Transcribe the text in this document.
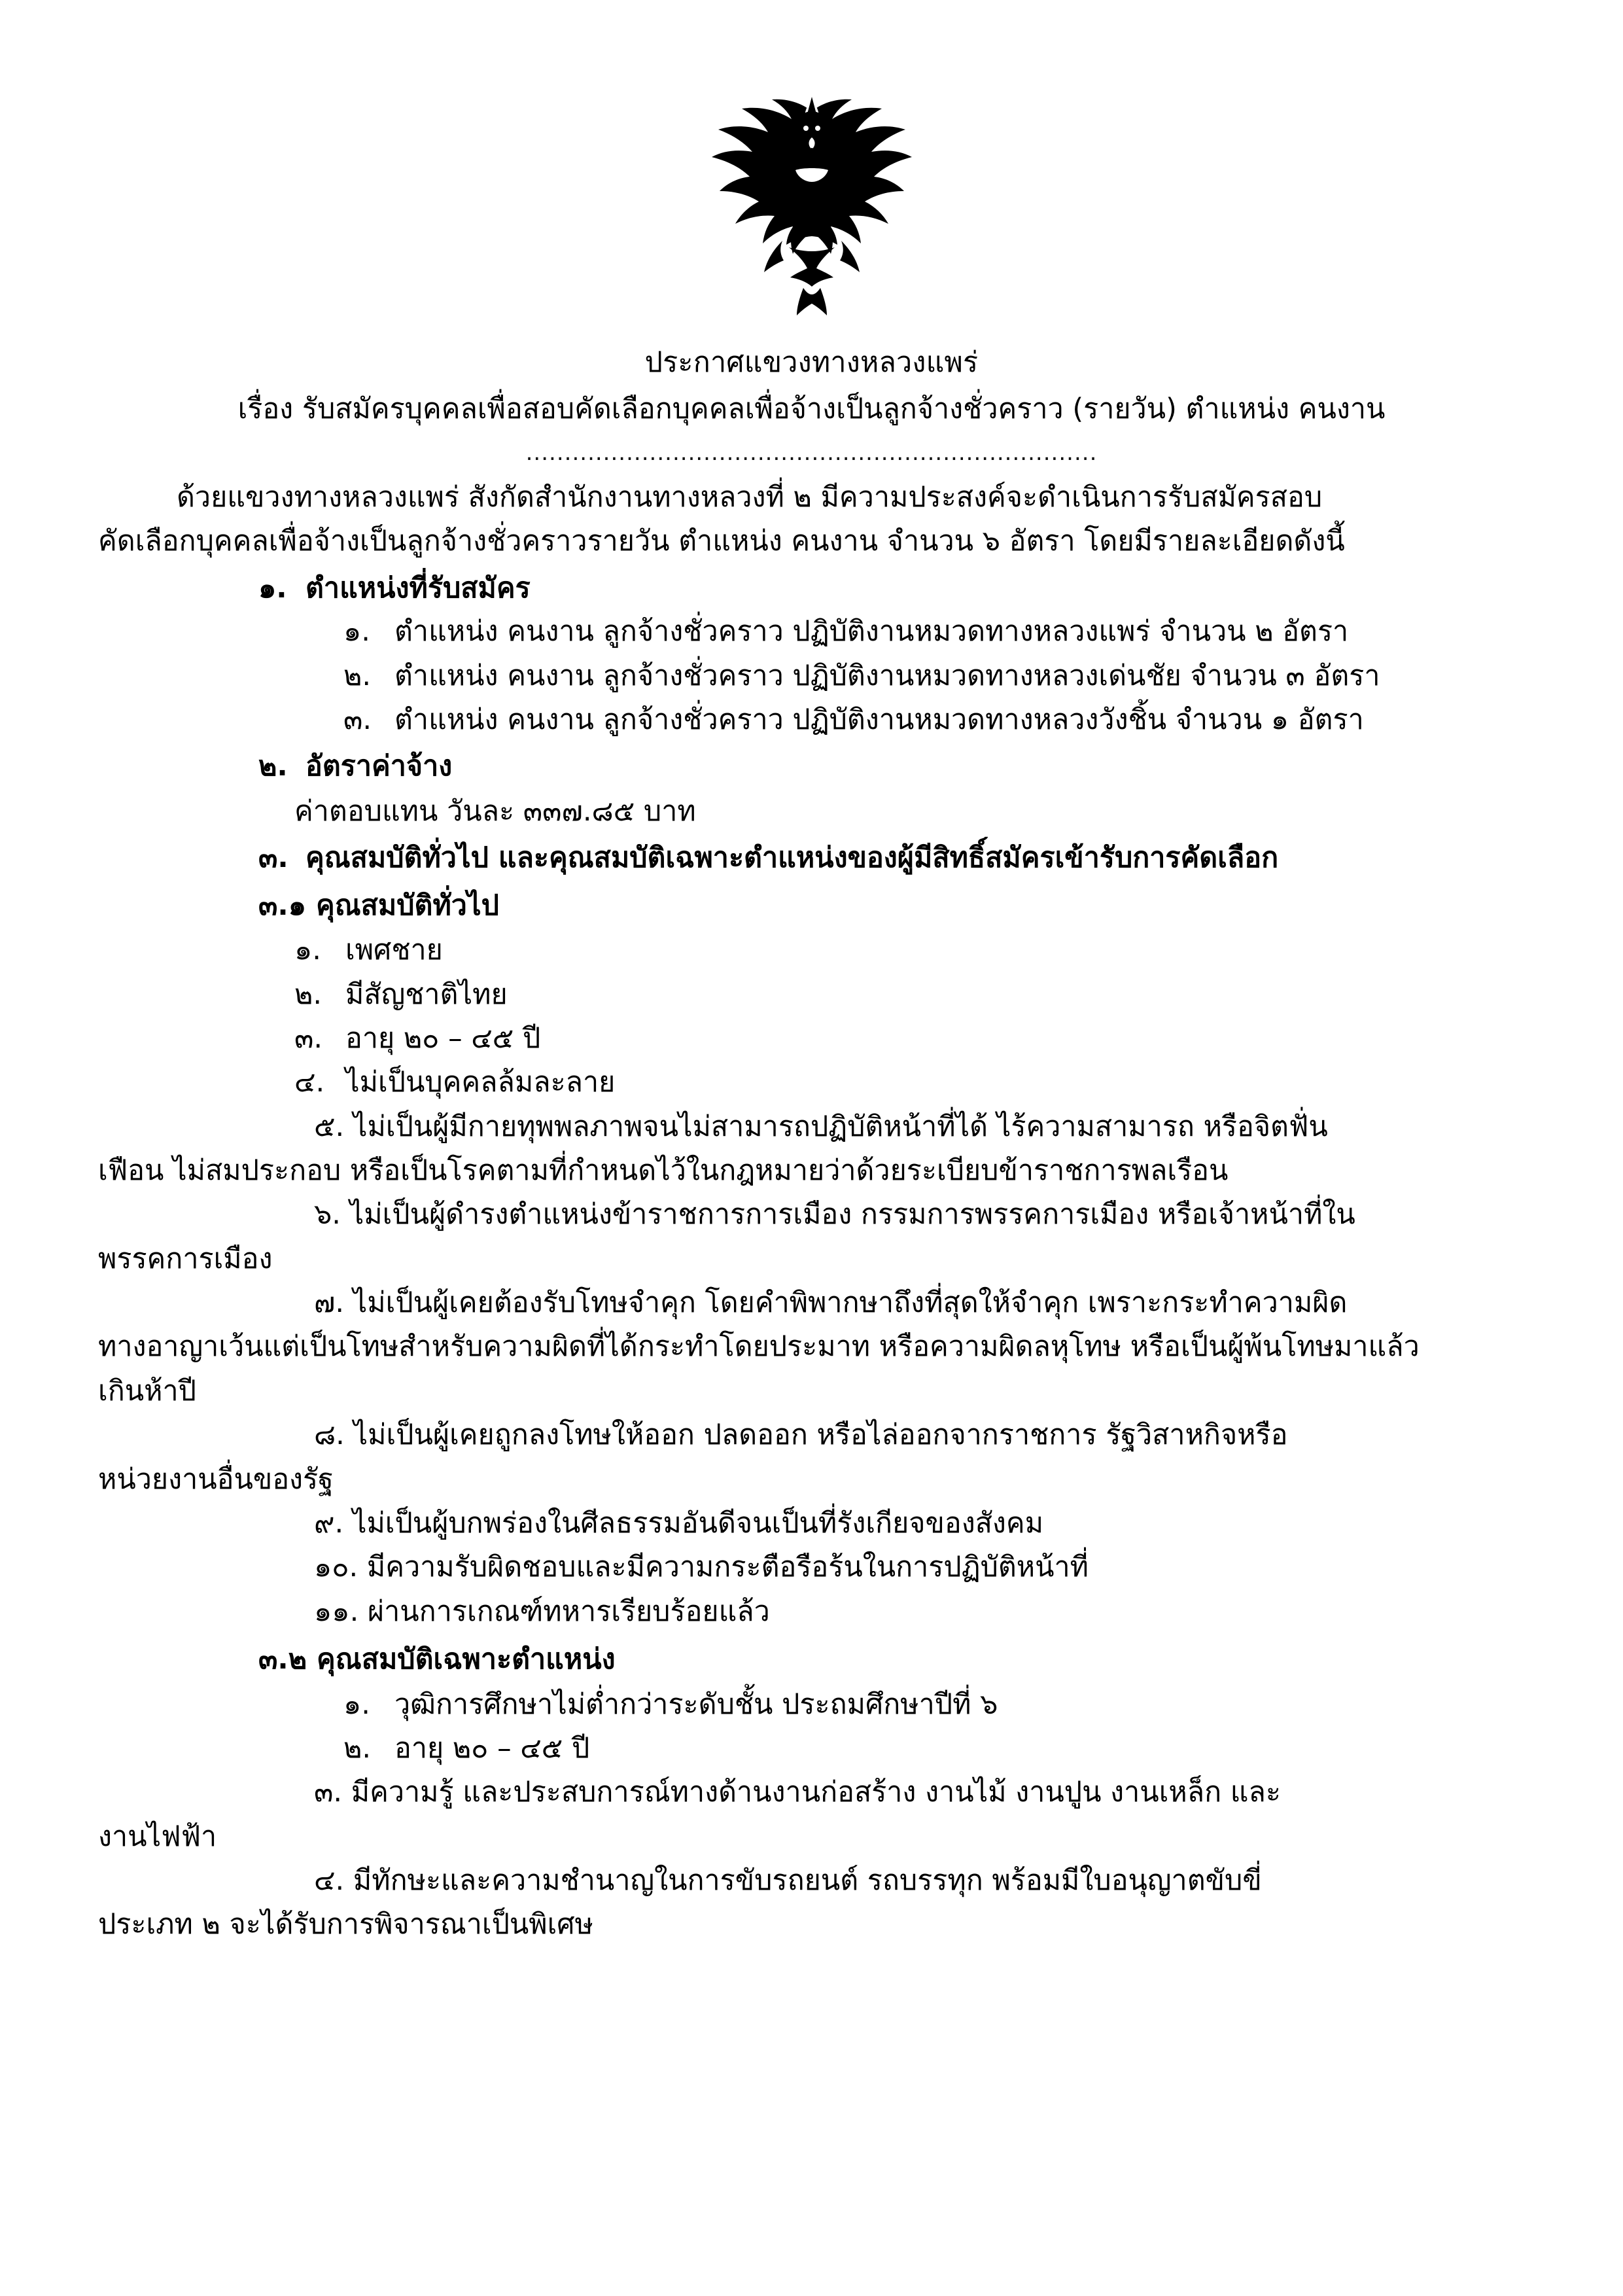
ประกาศแขวงทางหลวงแพร่
เรื่อง รับสมัครบุคคลเพื่อสอบคัดเลือกบุคคลเพื่อจ้างเป็นลูกจ้างชั่วคราว (รายวัน) ตำแหน่ง คนงาน
..........................................................................

ด้วยแขวงทางหลวงแพร่ สังกัดสำนักงานทางหลวงที่ ๒ มีความประสงค์จะดำเนินการรับสมัครสอบ

คัดเลือกบุคคลเพื่อจ้างเป็นลูกจ้างชั่วคราวรายวัน ตำแหน่ง คนงาน จำนวน ๖ อัตรา โดยมีรายละเอียดดังนี้

๑. ตำแหน่งที่รับสมัคร
๑. ตำแหน่ง คนงาน ลูกจ้างชั่วคราว ปฏิบัติงานหมวดทางหลวงแพร่ จำนวน ๒ อัตรา
๒. ตำแหน่ง คนงาน ลูกจ้างชั่วคราว ปฏิบัติงานหมวดทางหลวงเด่นชัย จำนวน ๓ อัตรา
๓. ตำแหน่ง คนงาน ลูกจ้างชั่วคราว ปฏิบัติงานหมวดทางหลวงวังชิ้น จำนวน ๑ อัตรา
๒. อัตราค่าจ้าง
ค่าตอบแทน วันละ ๓๓๗.๘๕ บาท
๓. คุณสมบัติทั่วไป และคุณสมบัติเฉพาะตำแหน่งของผู้มีสิทธิ์สมัครเข้ารับการคัดเลือก
๓.๑ คุณสมบัติทั่วไป
๑. เพศชาย
๒. มีสัญชาติไทย
๓. อายุ ๒๐ – ๔๕ ปี
๔. ไม่เป็นบุคคลล้มละลาย
๕. ไม่เป็นผู้มีกายทุพพลภาพจนไม่สามารถปฏิบัติหน้าที่ได้ ไร้ความสามารถ หรือจิตฟั่น
เฟือน ไม่สมประกอบ หรือเป็นโรคตามที่กำหนดไว้ในกฎหมายว่าด้วยระเบียบข้าราชการพลเรือน
๖. ไม่เป็นผู้ดำรงตำแหน่งข้าราชการการเมือง กรรมการพรรคการเมือง หรือเจ้าหน้าที่ใน
พรรคการเมือง
๗. ไม่เป็นผู้เคยต้องรับโทษจำคุก โดยคำพิพากษาถึงที่สุดให้จำคุก เพราะกระทำความผิด
ทางอาญาเว้นแต่เป็นโทษสำหรับความผิดที่ได้กระทำโดยประมาท หรือความผิดลหุโทษ หรือเป็นผู้พ้นโทษมาแล้ว
เกินห้าปี
๘. ไม่เป็นผู้เคยถูกลงโทษให้ออก ปลดออก หรือไล่ออกจากราชการ รัฐวิสาหกิจหรือ
หน่วยงานอื่นของรัฐ
๙. ไม่เป็นผู้บกพร่องในศีลธรรมอันดีจนเป็นที่รังเกียจของสังคม
๑๐. มีความรับผิดชอบและมีความกระตือรือร้นในการปฏิบัติหน้าที่
๑๑. ผ่านการเกณฑ์ทหารเรียบร้อยแล้ว
๓.๒ คุณสมบัติเฉพาะตำแหน่ง
๑. วุฒิการศึกษาไม่ต่ำกว่าระดับชั้น ประถมศึกษาปีที่ ๖
๒. อายุ ๒๐ – ๔๕ ปี
๓. มีความรู้ และประสบการณ์ทางด้านงานก่อสร้าง งานไม้ งานปูน งานเหล็ก และ
งานไฟฟ้า
๔. มีทักษะและความชำนาญในการขับรถยนต์ รถบรรทุก พร้อมมีใบอนุญาตขับขี่
ประเภท ๒ จะได้รับการพิจารณาเป็นพิเศษ
